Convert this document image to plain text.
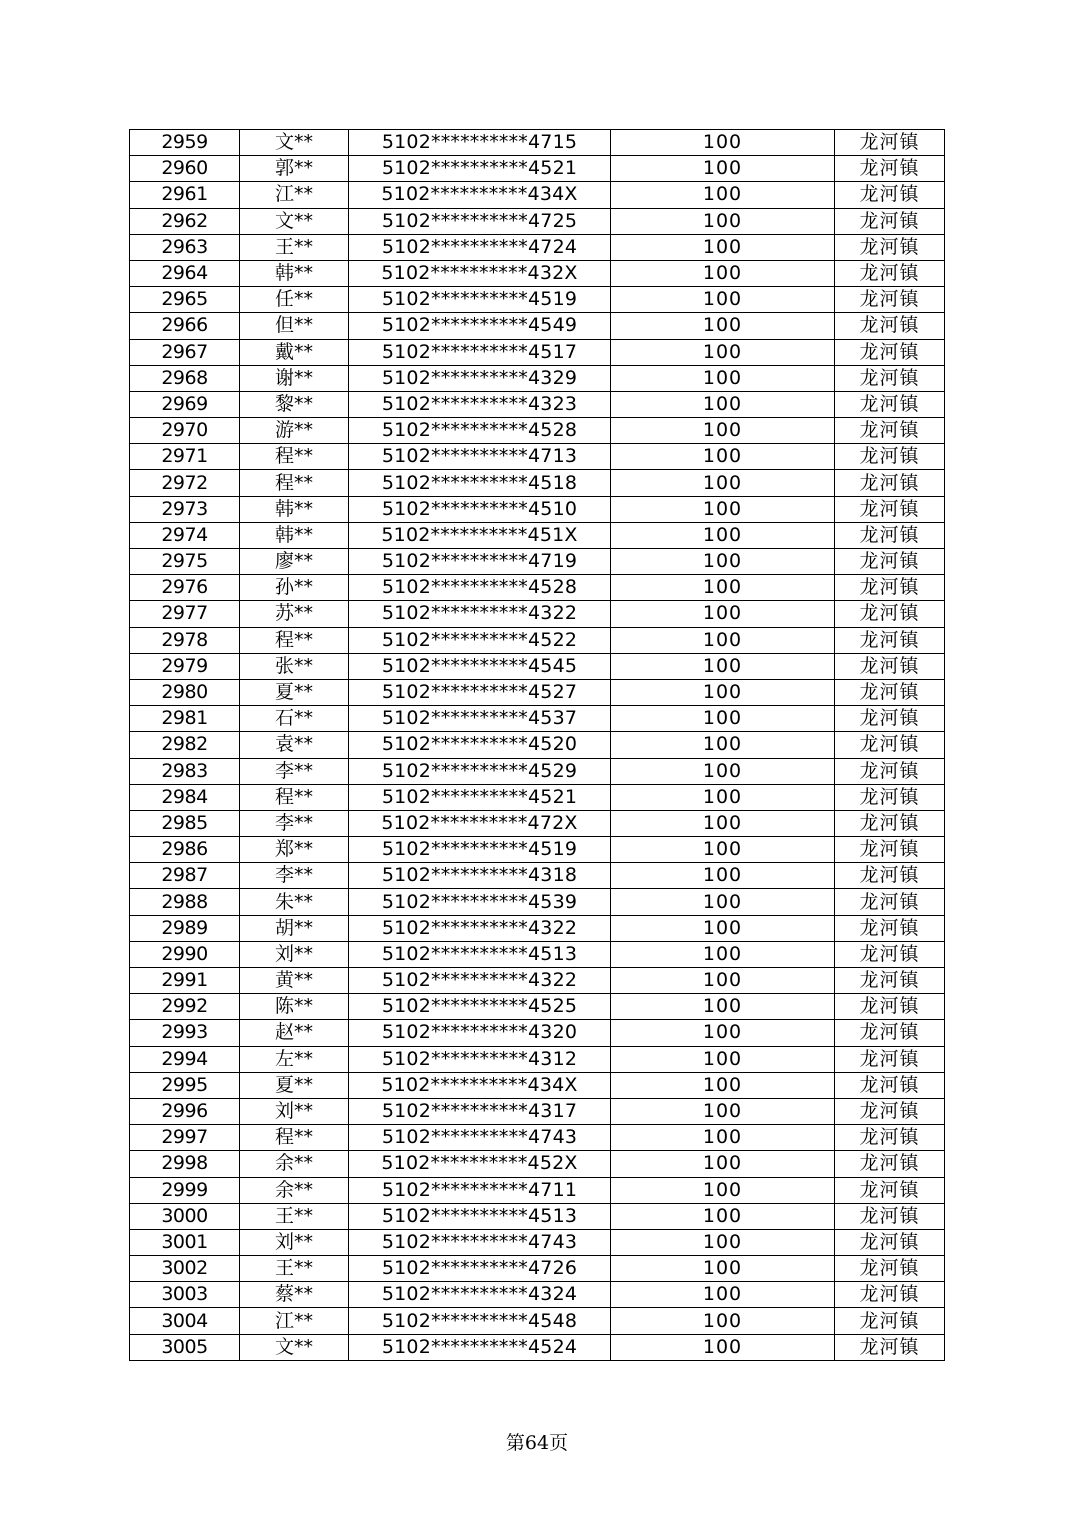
2959	文**	5102**********4715	100	龙河镇
2960	郭**	5102**********4521	100	龙河镇
2961	江**	5102**********434X	100	龙河镇
2962	文**	5102**********4725	100	龙河镇
2963	王**	5102**********4724	100	龙河镇
2964	韩**	5102**********432X	100	龙河镇
2965	任**	5102**********4519	100	龙河镇
2966	但**	5102**********4549	100	龙河镇
2967	戴**	5102**********4517	100	龙河镇
2968	谢**	5102**********4329	100	龙河镇
2969	黎**	5102**********4323	100	龙河镇
2970	游**	5102**********4528	100	龙河镇
2971	程**	5102**********4713	100	龙河镇
2972	程**	5102**********4518	100	龙河镇
2973	韩**	5102**********4510	100	龙河镇
2974	韩**	5102**********451X	100	龙河镇
2975	廖**	5102**********4719	100	龙河镇
2976	孙**	5102**********4528	100	龙河镇
2977	苏**	5102**********4322	100	龙河镇
2978	程**	5102**********4522	100	龙河镇
2979	张**	5102**********4545	100	龙河镇
2980	夏**	5102**********4527	100	龙河镇
2981	石**	5102**********4537	100	龙河镇
2982	袁**	5102**********4520	100	龙河镇
2983	李**	5102**********4529	100	龙河镇
2984	程**	5102**********4521	100	龙河镇
2985	李**	5102**********472X	100	龙河镇
2986	郑**	5102**********4519	100	龙河镇
2987	李**	5102**********4318	100	龙河镇
2988	朱**	5102**********4539	100	龙河镇
2989	胡**	5102**********4322	100	龙河镇
2990	刘**	5102**********4513	100	龙河镇
2991	黄**	5102**********4322	100	龙河镇
2992	陈**	5102**********4525	100	龙河镇
2993	赵**	5102**********4320	100	龙河镇
2994	左**	5102**********4312	100	龙河镇
2995	夏**	5102**********434X	100	龙河镇
2996	刘**	5102**********4317	100	龙河镇
2997	程**	5102**********4743	100	龙河镇
2998	余**	5102**********452X	100	龙河镇
2999	余**	5102**********4711	100	龙河镇
3000	王**	5102**********4513	100	龙河镇
3001	刘**	5102**********4743	100	龙河镇
3002	王**	5102**********4726	100	龙河镇
3003	蔡**	5102**********4324	100	龙河镇
3004	江**	5102**********4548	100	龙河镇
3005	文**	5102**********4524	100	龙河镇
第64页
